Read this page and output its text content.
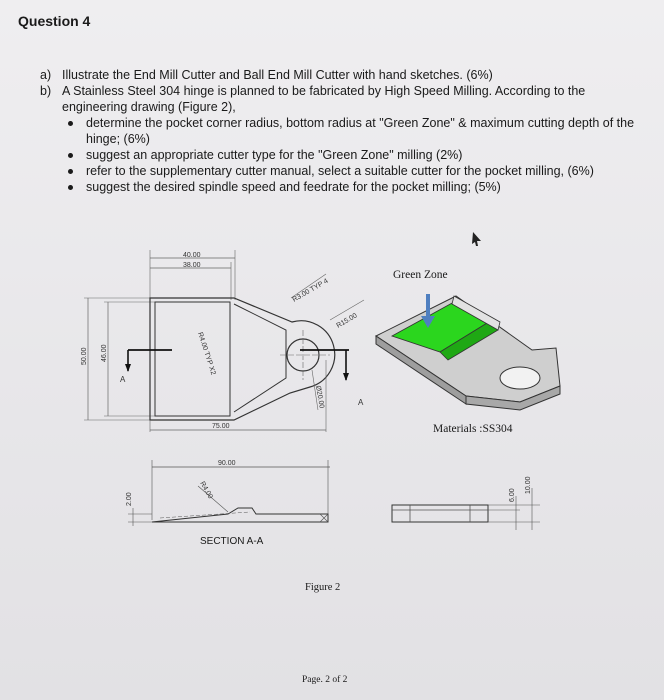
Question 4
a) Illustrate the End Mill Cutter and Ball End Mill Cutter with hand sketches. (6%)
b) A Stainless Steel 304 hinge is planned to be fabricated by High Speed Milling. According to the engineering drawing (Figure 2),
determine the pocket corner radius, bottom radius at "Green Zone" & maximum cutting depth of the hinge; (6%)
suggest an appropriate cutter type for the "Green Zone" milling (2%)
refer to the supplementary cutter manual, select a suitable cutter for the pocket milling, (6%)
suggest the desired spindle speed and feedrate for the pocket milling; (5%)
40.00
38.00
50.00 46.00
R3.00 TYP 4
R15.00
R4.00 TYP X2
Ø20.00
75.00
A
A
90.00
R4.00
2.00
SECTION A-A
Green Zone
Materials :SS304
6.00
10.00
Figure 2
Page. 2 of 2
